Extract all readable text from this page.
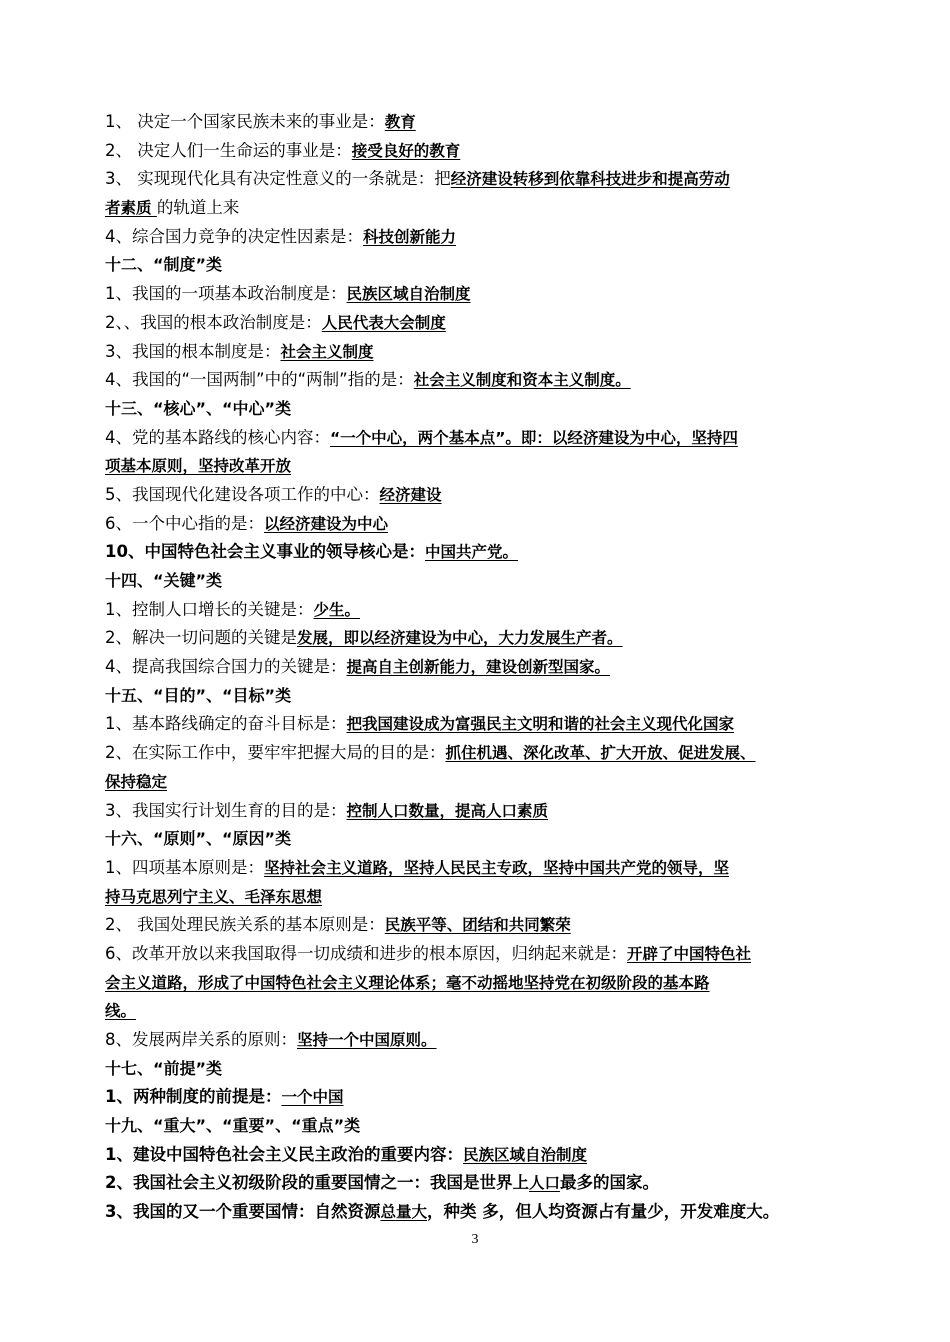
1、 决定一个国家民族未来的事业是：教育
2、 决定人们一生命运的事业是：接受良好的教育
3、 实现现代化具有决定性意义的一条就是：把经济建设转移到依靠科技进步和提高劳动
者素质 的轨道上来
4、综合国力竞争的决定性因素是：科技创新能力
十二、“制度”类
1、我国的一项基本政治制度是：民族区域自治制度
2、、我国的根本政治制度是：人民代表大会制度
3、我国的根本制度是：社会主义制度
4、我国的“一国两制”中的“两制”指的是：社会主义制度和资本主义制度。
十三、“核心”、“中心”类
4、党的基本路线的核心内容：“一个中心，两个基本点”。即：以经济建设为中心，坚持四
项基本原则，坚持改革开放
5、我国现代化建设各项工作的中心：经济建设
6、一个中心指的是：以经济建设为中心
10、中国特色社会主义事业的领导核心是：中国共产党。
十四、“关键”类
1、控制人口增长的关键是：少生。
2、解决一切问题的关键是发展，即以经济建设为中心，大力发展生产者。
4、提高我国综合国力的关键是：提高自主创新能力，建设创新型国家。
十五、“目的”、“目标”类
1、基本路线确定的奋斗目标是：把我国建设成为富强民主文明和谐的社会主义现代化国家
2、在实际工作中，要牢牢把握大局的目的是：抓住机遇、深化改革、扩大开放、促进发展、
保持稳定
3、我国实行计划生育的目的是：控制人口数量，提高人口素质
十六、“原则”、“原因”类
1、四项基本原则是：坚持社会主义道路，坚持人民民主专政，坚持中国共产党的领导，坚
持马克思列宁主义、毛泽东思想
2、 我国处理民族关系的基本原则是：民族平等、团结和共同繁荣
6、改革开放以来我国取得一切成绩和进步的根本原因，归纳起来就是：开辟了中国特色社
会主义道路，形成了中国特色社会主义理论体系；毫不动摇地坚持党在初级阶段的基本路
线。
8、发展两岸关系的原则：坚持一个中国原则。
十七、“前提”类
1、两种制度的前提是：一个中国
十九、“重大”、“重要”、“重点”类
1、建设中国特色社会主义民主政治的重要内容：民族区域自治制度
2、我国社会主义初级阶段的重要国情之一：我国是世界上人口最多的国家。
3、我国的又一个重要国情：自然资源总量大，种类 多，但人均资源占有量少，开发难度大。
3
